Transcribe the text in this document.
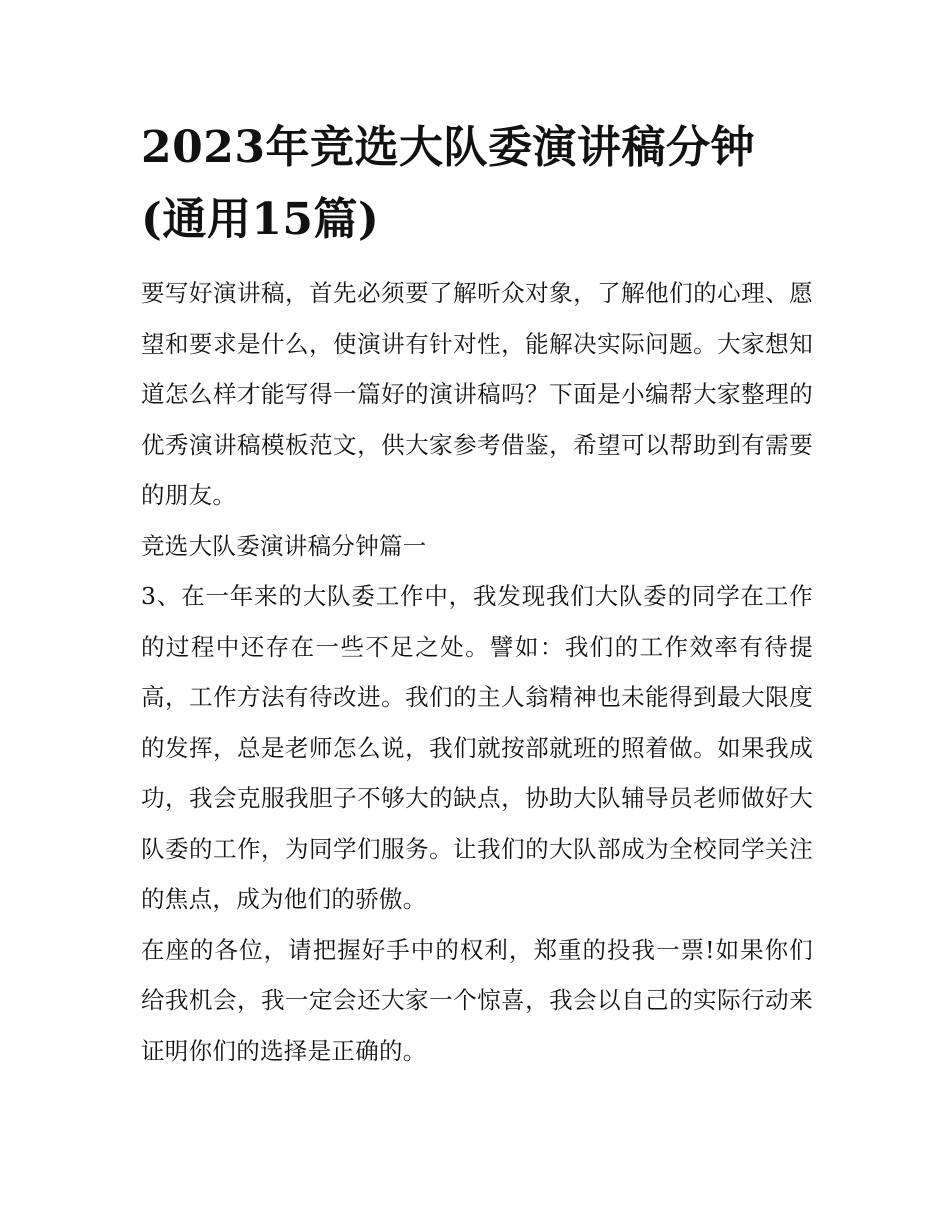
2023年竞选大队委演讲稿分钟(通用15篇)

要写好演讲稿，首先必须要了解听众对象，了解他们的心理、愿望和要求是什么，使演讲有针对性，能解决实际问题。大家想知道怎么样才能写得一篇好的演讲稿吗？下面是小编帮大家整理的优秀演讲稿模板范文，供大家参考借鉴，希望可以帮助到有需要的朋友。

竞选大队委演讲稿分钟篇一

3、在一年来的大队委工作中，我发现我们大队委的同学在工作的过程中还存在一些不足之处。譬如：我们的工作效率有待提高，工作方法有待改进。我们的主人翁精神也未能得到最大限度的发挥，总是老师怎么说，我们就按部就班的照着做。如果我成功，我会克服我胆子不够大的缺点，协助大队辅导员老师做好大队委的工作，为同学们服务。让我们的大队部成为全校同学关注的焦点，成为他们的骄傲。

在座的各位，请把握好手中的权利，郑重的投我一票!如果你们给我机会，我一定会还大家一个惊喜，我会以自己的实际行动来证明你们的选择是正确的。
